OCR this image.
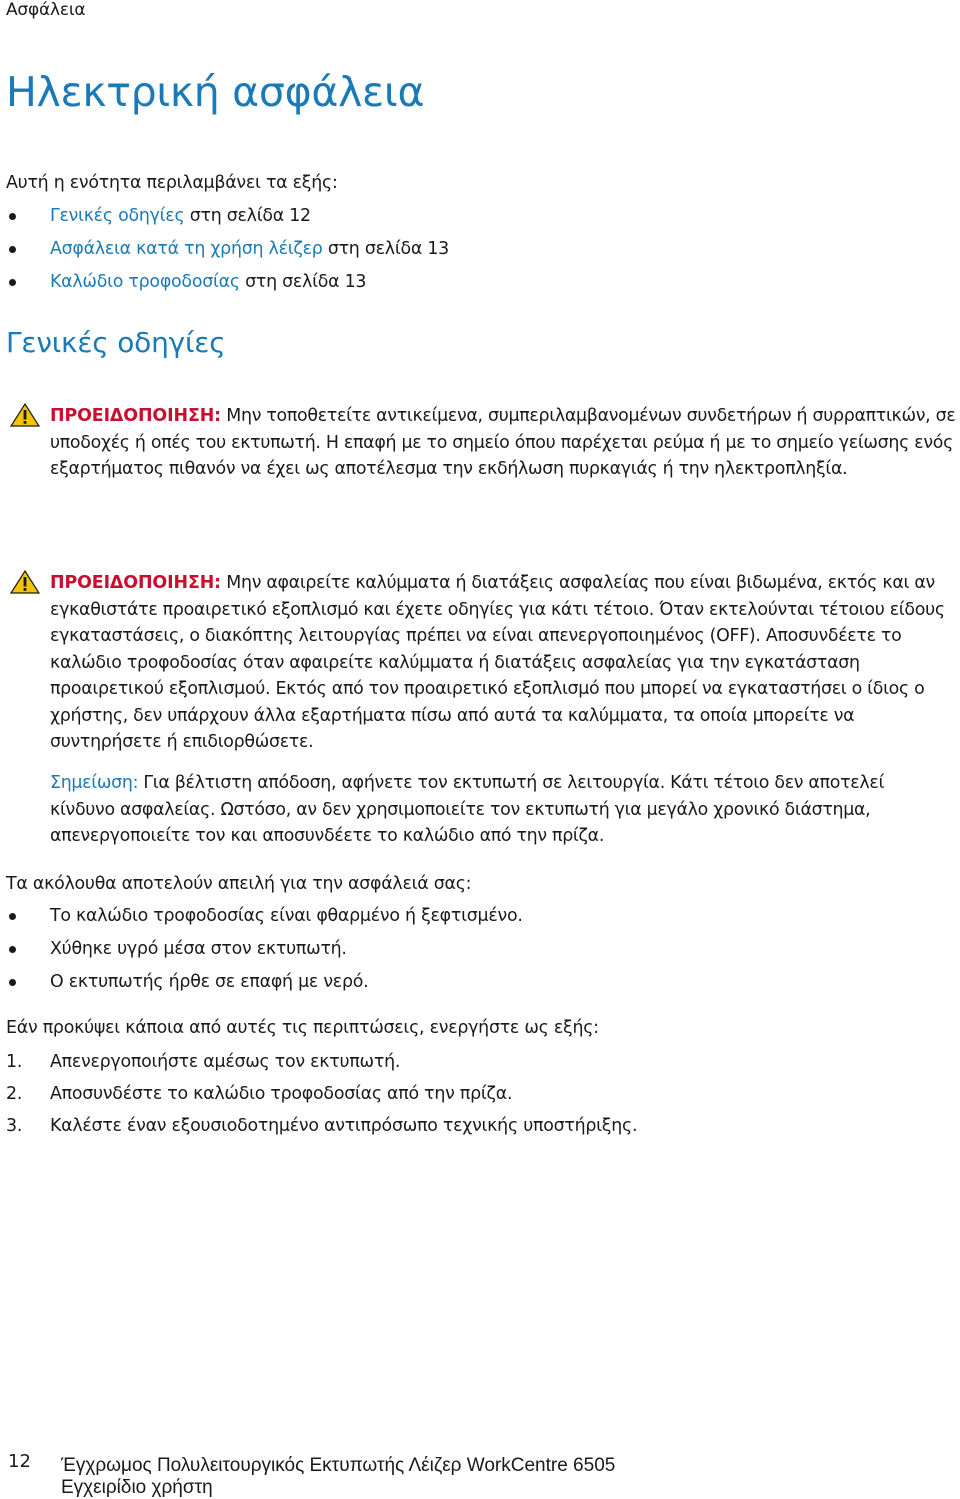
Ασφάλεια

Ηλεκτρική ασφάλεια

Αυτή η ενότητα περιλαμβάνει τα εξής:

Γενικές οδηγίες στη σελίδα 12
Ασφάλεια κατά τη χρήση λέιζερ στη σελίδα 13
Καλώδιο τροφοδοσίας στη σελίδα 13
Γενικές οδηγίες

ΠΡΟΕΙΔΟΠΟΙΗΣΗ: Μην τοποθετείτε αντικείμενα, συμπεριλαμβανομένων συνδετήρων ή συρραπτικών, σε υποδοχές ή οπές του εκτυπωτή. Η επαφή με το σημείο όπου παρέχεται ρεύμα ή με το σημείο γείωσης ενός εξαρτήματος πιθανόν να έχει ως αποτέλεσμα την εκδήλωση πυρκαγιάς ή την ηλεκτροπληξία.

ΠΡΟΕΙΔΟΠΟΙΗΣΗ: Μην αφαιρείτε καλύμματα ή διατάξεις ασφαλείας που είναι βιδωμένα, εκτός και αν εγκαθιστάτε προαιρετικό εξοπλισμό και έχετε οδηγίες για κάτι τέτοιο. Όταν εκτελούνται τέτοιου είδους εγκαταστάσεις, ο διακόπτης λειτουργίας πρέπει να είναι απενεργοποιημένος (OFF). Αποσυνδέετε το καλώδιο τροφοδοσίας όταν αφαιρείτε καλύμματα ή διατάξεις ασφαλείας για την εγκατάσταση προαιρετικού εξοπλισμού. Εκτός από τον προαιρετικό εξοπλισμό που μπορεί να εγκαταστήσει ο ίδιος ο χρήστης, δεν υπάρχουν άλλα εξαρτήματα πίσω από αυτά τα καλύμματα, τα οποία μπορείτε να συντηρήσετε ή επιδιορθώσετε.

Σημείωση: Για βέλτιστη απόδοση, αφήνετε τον εκτυπωτή σε λειτουργία. Κάτι τέτοιο δεν αποτελεί κίνδυνο ασφαλείας. Ωστόσο, αν δεν χρησιμοποιείτε τον εκτυπωτή για μεγάλο χρονικό διάστημα, απενεργοποιείτε τον και αποσυνδέετε το καλώδιο από την πρίζα.

Τα ακόλουθα αποτελούν απειλή για την ασφάλειά σας:

Το καλώδιο τροφοδοσίας είναι φθαρμένο ή ξεφτισμένο.
Χύθηκε υγρό μέσα στον εκτυπωτή.
Ο εκτυπωτής ήρθε σε επαφή με νερό.

Εάν προκύψει κάποια από αυτές τις περιπτώσεις, ενεργήστε ως εξής:

1. Απενεργοποιήστε αμέσως τον εκτυπωτή.
2. Αποσυνδέστε το καλώδιο τροφοδοσίας από την πρίζα.
3. Καλέστε έναν εξουσιοδοτημένο αντιπρόσωπο τεχνικής υποστήριξης.

12 Έγχρωμος Πολυλειτουργικός Εκτυπωτής Λέιζερ WorkCentre 6505
Εγχειρίδιο χρήστη
